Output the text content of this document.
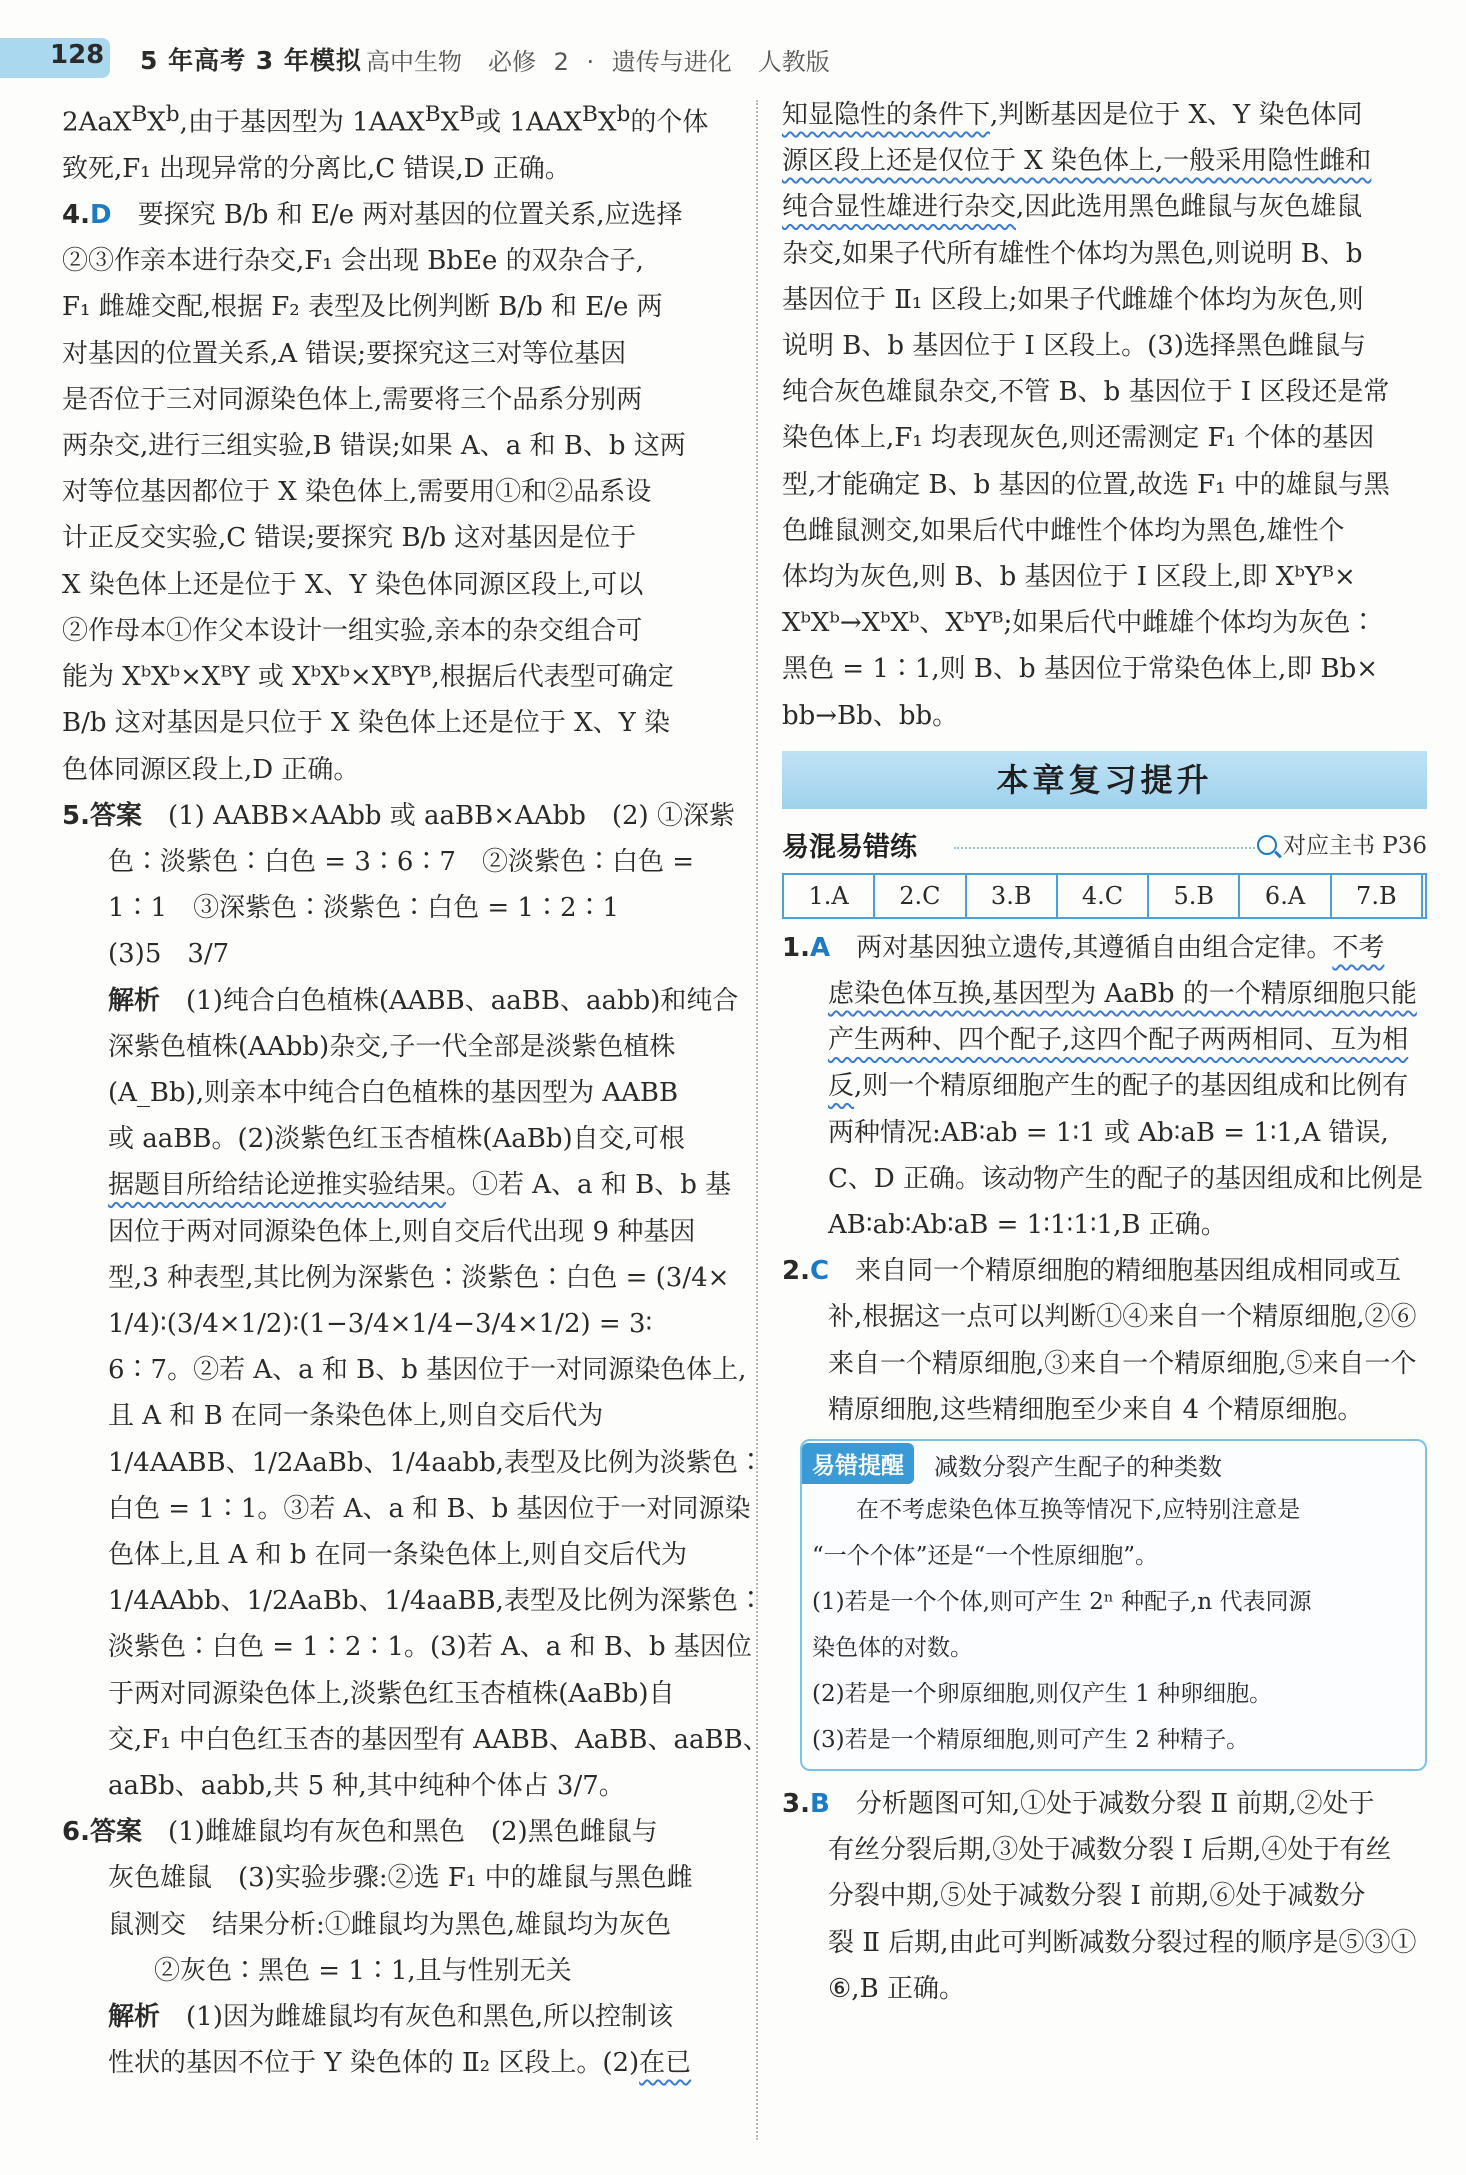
128 5 年高考 3 年模拟 高中生物 必修 2 · 遗传与进化 人教版

$2AaX^BX^b$,由于基因型为 $1AAX^BX^B$或 $1AAX^BX^b$的个体

致死,F₁ 出现异常的分离比,C 错误,D 正确。

4.D　 要探究 B/b 和 E/e 两对基因的位置关系,应选择

②③作亲本进行杂交,F₁ 会出现 BbEe 的双杂合子,

F₁ 雌雄交配,根据 F₂ 表型及比例判断 B/b 和 E/e 两

对基因的位置关系,A 错误;要探究这三对等位基因

是否位于三对同源染色体上,需要将三个品系分别两

两杂交,进行三组实验,B 错误;如果 A、a 和 B、b 这两

对等位基因都位于 X 染色体上,需要用①和②品系设

计正反交实验,C 错误;要探究 B/b 这对基因是位于

X 染色体上还是位于 X、Y 染色体同源区段上,可以

②作母本①作父本设计一组实验,亲本的杂交组合可

能为 XᵇXᵇ×XᴮY 或 XᵇXᵇ×XᴮYᴮ,根据后代表型可确定

B/b 这对基因是只位于 X 染色体上还是位于 X、Y 染

色体同源区段上,D 正确。

5.答案　 (1) AABB×AAbb 或 aaBB×AAbb　(2) ①深紫

色∶淡紫色∶白色 = 3∶6∶7　②淡紫色∶白色 =

1∶1　③深紫色∶淡紫色∶白色 = 1∶2∶1

(3)5　3/7

解析　 (1)纯合白色植株(AABB、aaBB、aabb)和纯合

深紫色植株(AAbb)杂交,子一代全部是淡紫色植株

(A_Bb),则亲本中纯合白色植株的基因型为 AABB

或 aaBB。(2)淡紫色红玉杏植株(AaBb)自交,可根

据题目所给结论逆推实验结果。①若 A、a 和 B、b 基

因位于两对同源染色体上,则自交后代出现 9 种基因

型,3 种表型,其比例为深紫色∶淡紫色∶白色 = (3/4×

1/4)∶(3/4×1/2)∶(1−3/4×1/4−3/4×1/2) = 3∶

6∶7。②若 A、a 和 B、b 基因位于一对同源染色体上,

且 A 和 B 在同一条染色体上,则自交后代为

1/4AABB、1/2AaBb、1/4aabb,表型及比例为淡紫色∶

白色 = 1∶1。③若 A、a 和 B、b 基因位于一对同源染

色体上,且 A 和 b 在同一条染色体上,则自交后代为

1/4AAbb、1/2AaBb、1/4aaBB,表型及比例为深紫色∶

淡紫色∶白色 = 1∶2∶1。(3)若 A、a 和 B、b 基因位

于两对同源染色体上,淡紫色红玉杏植株(AaBb)自

交,F₁ 中白色红玉杏的基因型有 AABB、AaBB、aaBB、

aaBb、aabb,共 5 种,其中纯种个体占 3/7。

6.答案　 (1)雌雄鼠均有灰色和黑色　(2)黑色雌鼠与

灰色雄鼠　(3)实验步骤:②选 F₁ 中的雄鼠与黑色雌

鼠测交　结果分析:①雌鼠均为黑色,雄鼠均为灰色

②灰色∶黑色 = 1∶1,且与性别无关

解析　 (1)因为雌雄鼠均有灰色和黑色,所以控制该

性状的基因不位于 Y 染色体的 Ⅱ₂ 区段上。(2)在已

知显隐性的条件下,判断基因是位于 X、Y 染色体同

源区段上还是仅位于 X 染色体上,一般采用隐性雌和

纯合显性雄进行杂交,因此选用黑色雌鼠与灰色雄鼠

杂交,如果子代所有雄性个体均为黑色,则说明 B、b

基因位于 Ⅱ₁ 区段上;如果子代雌雄个体均为灰色,则

说明 B、b 基因位于 Ⅰ 区段上。(3)选择黑色雌鼠与

纯合灰色雄鼠杂交,不管 B、b 基因位于 Ⅰ 区段还是常

染色体上,F₁ 均表现灰色,则还需测定 F₁ 个体的基因

型,才能确定 B、b 基因的位置,故选 F₁ 中的雄鼠与黑

色雌鼠测交,如果后代中雌性个体均为黑色,雄性个

体均为灰色,则 B、b 基因位于 Ⅰ 区段上,即 XᵇYᴮ×

XᵇXᵇ→XᵇXᵇ、XᵇYᴮ;如果后代中雌雄个体均为灰色∶

黑色 = 1∶1,则 B、b 基因位于常染色体上,即 Bb×

bb→Bb、bb。

本章复习提升
易混易错练	对应主书 P36
1.A	2.C	3.B	4.C	5.B	6.A	7.B	

1.A　 两对基因独立遗传,其遵循自由组合定律。不考

虑染色体互换,基因型为 AaBb 的一个精原细胞只能

产生两种、四个配子,这四个配子两两相同、互为相

反,则一个精原细胞产生的配子的基因组成和比例有

两种情况:AB∶ab = 1∶1 或 Ab∶aB = 1∶1,A 错误,

C、D 正确。该动物产生的配子的基因组成和比例是

AB∶ab∶Ab∶aB = 1∶1∶1∶1,B 正确。

2.C　 来自同一个精原细胞的精细胞基因组成相同或互

补,根据这一点可以判断①④来自一个精原细胞,②⑥

来自一个精原细胞,③来自一个精原细胞,⑤来自一个

精原细胞,这些精细胞至少来自 4 个精原细胞。

易错提醒	减数分裂产生配子的种类数

在不考虑染色体互换等情况下,应特别注意是

“一个个体”还是“一个性原细胞”。

(1)若是一个个体,则可产生 2ⁿ 种配子,n 代表同源

染色体的对数。

(2)若是一个卵原细胞,则仅产生 1 种卵细胞。

(3)若是一个精原细胞,则可产生 2 种精子。

3.B　 分析题图可知,①处于减数分裂 Ⅱ 前期,②处于

有丝分裂后期,③处于减数分裂 Ⅰ 后期,④处于有丝

分裂中期,⑤处于减数分裂 Ⅰ 前期,⑥处于减数分

裂 Ⅱ 后期,由此可判断减数分裂过程的顺序是⑤③①

⑥,B 正确。
